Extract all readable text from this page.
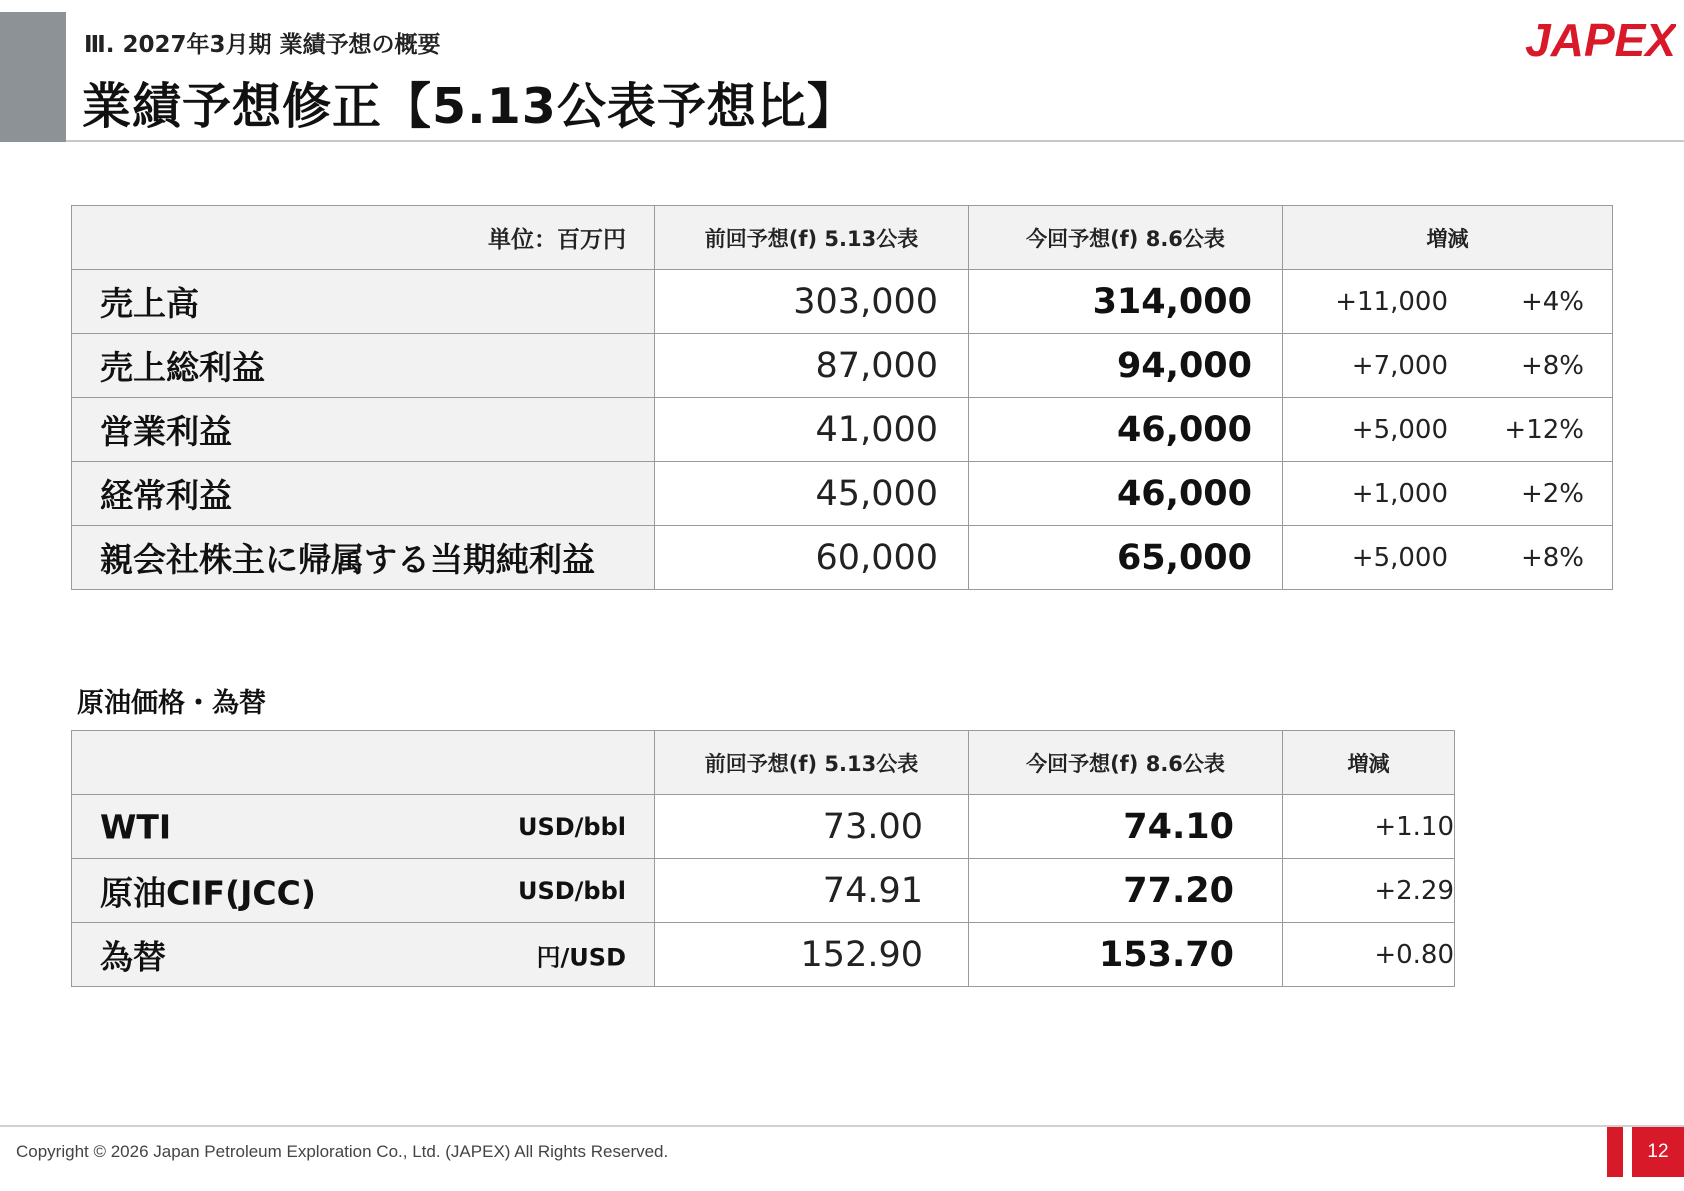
Ⅲ. 2027年3月期 業績予想の概要
業績予想修正【5.13公表予想比】
JAPEX
単位：百万円	前回予想(f) 5.13公表	今回予想(f) 8.6公表	増減
売上高	303,000	314,000	+11,000 +4%

売上総利益	87,000	94,000	+7,000 +8%

営業利益	41,000	46,000	+5,000 +12%

経常利益	45,000	46,000	+1,000 +2%

親会社株主に帰属する当期純利益	60,000	65,000	+5,000 +8%
原油価格・為替
	前回予想(f) 5.13公表	今回予想(f) 8.6公表	増減

WTI USD/bbl	73.00	74.10	+1.10

原油CIF(JCC) USD/bbl	74.91	77.20	+2.29

為替 円/USD	152.90	153.70	+0.80
Copyright © 2026 Japan Petroleum Exploration Co., Ltd. (JAPEX) All Rights Reserved.	12
